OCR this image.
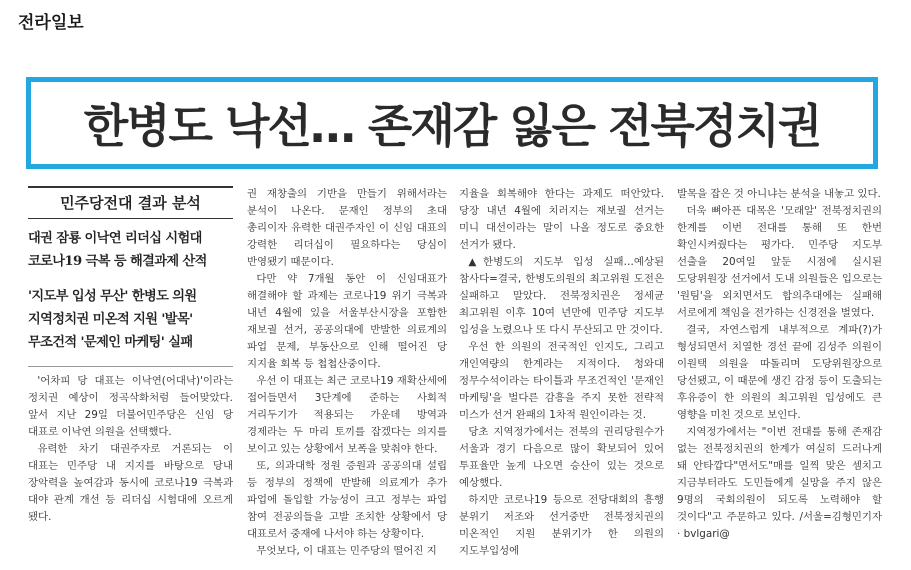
전라일보
한병도 낙선… 존재감 잃은 전북정치권
민주당전대 결과 분석
대권 잠룡 이낙연 리더십 시험대
코로나19 극복 등 해결과제 산적
'지도부 입성 무산' 한병도 의원
지역정치권 미온적 지원 '발목'
무조건적 '문제인 마케팅' 실패

'어차피 당 대표는 이낙연(어대낙)'이라는 정치권 예상이 정곡삭화처럼 들어맞았다. 앞서 지난 29일 더불어민주당은 신임 당 대표로 이낙연 의원을 선택했다.

유력한 차기 대권주자로 거론되는 이 대표는 민주당 내 지지를 바탕으로 당내 장악력을 높여감과 동시에 코로나19 극복과 대야 관계 개선 등 리더십 시험대에 오르게 됐다.

권 재창출의 기반을 만들기 위해서라는 분석이 나온다. 문재인 정부의 초대 총리이자 유력한 대권주자인 이 신임 대표의 강력한 리더십이 필요하다는 당심이 반영됐기 때문이다.

다만 약 7개월 동안 이 신임대표가 해결해야 할 과제는 코로나19 위기 극복과 내년 4월에 있을 서울부산시장을 포함한 재보궐 선거, 공공의대에 반발한 의료계의 파업 문제, 부동산으로 인해 떨어진 당 지지율 회복 등 첩첩산중이다.

우선 이 대표는 최근 코로나19 재확산세에 접어들면서 3단계에 준하는 사회적 거리두기가 적용되는 가운데 방역과 경제라는 두 마리 토끼를 잡겠다는 의지를 보이고 있는 상황에서 보폭을 맞춰야 한다.

또, 의과대학 정원 증원과 공공의대 설립 등 정부의 정책에 반발해 의료계가 추가 파업에 돌입할 가능성이 크고 정부는 파업 참여 전공의들을 고발 조치한 상황에서 당 대표로서 중재에 나서야 하는 상황이다.

무엇보다, 이 대표는 민주당의 떨어진 지

지율을 회복해야 한다는 과제도 떠안았다. 당장 내년 4월에 치러지는 재보궐 선거는 미니 대선이라는 말이 나올 정도로 중요한 선거가 됐다.

▲한병도의 지도부 입성 실패…예상된 참사다=결국, 한병도의원의 최고위원 도전은 실패하고 말았다. 전북정치권은 정세균 최고위원 이후 10여 년만에 민주당 지도부 입성을 노렸으나 또 다시 무산되고 만 것이다.

우선 한 의원의 전국적인 인지도, 그리고 개인역량의 한계라는 지적이다. 청와대 정무수석이라는 타이틀과 무조건적인 '문재인 마케팅'을 벌다른 감흥을 주지 못한 전략적 미스가 선거 완패의 1차적 원인이라는 것.

당초 지역정가에서는 전북의 권리당원수가 서울과 경기 다음으로 많이 확보되어 있어 투표율만 높게 나오면 승산이 있는 것으로 예상했다.

하지만 코로나19 등으로 전당대회의 흥행 분위기 저조와 선거중반 전북정치권의 미온적인 지원 분위기가 한 의원의 지도부입성에

발목을 잡은 것 아니냐는 분석을 내놓고 있다.

더욱 뼈아픈 대목은 '모래알' 전북정치권의 한계를 이번 전대를 통해 또 한번 확인시켜줬다는 평가다. 민주당 지도부 선출을 20여일 앞둔 시점에 실시된 도당위원장 선거에서 도내 의원들은 입으로는 '원팀'을 외치면서도 합의추대에는 실패해 서로에게 책임을 전가하는 신경전을 벌였다.

결국, 자연스럽게 내부적으로 계파(?)가 형성되면서 치열한 경선 끝에 김성주 의원이 이원택 의원을 따돌리며 도당위원장으로 당선됐고, 이 때문에 생긴 감정 등이 도출되는 후유증이 한 의원의 최고위원 입성에도 큰 영향을 미친 것으로 보인다.

지역정가에서는 "이번 전대를 통해 존재감 없는 전북정치권의 한계가 여실히 드러나게 돼 안타깝다"면서도"매를 일찍 맞은 셈치고 지금부터라도 도민들에게 실망을 주지 않은 9명의 국회의원이 되도록 노력해야 할 것이다"고 주문하고 있다. /서울=김형민기자 · bvlgari@
